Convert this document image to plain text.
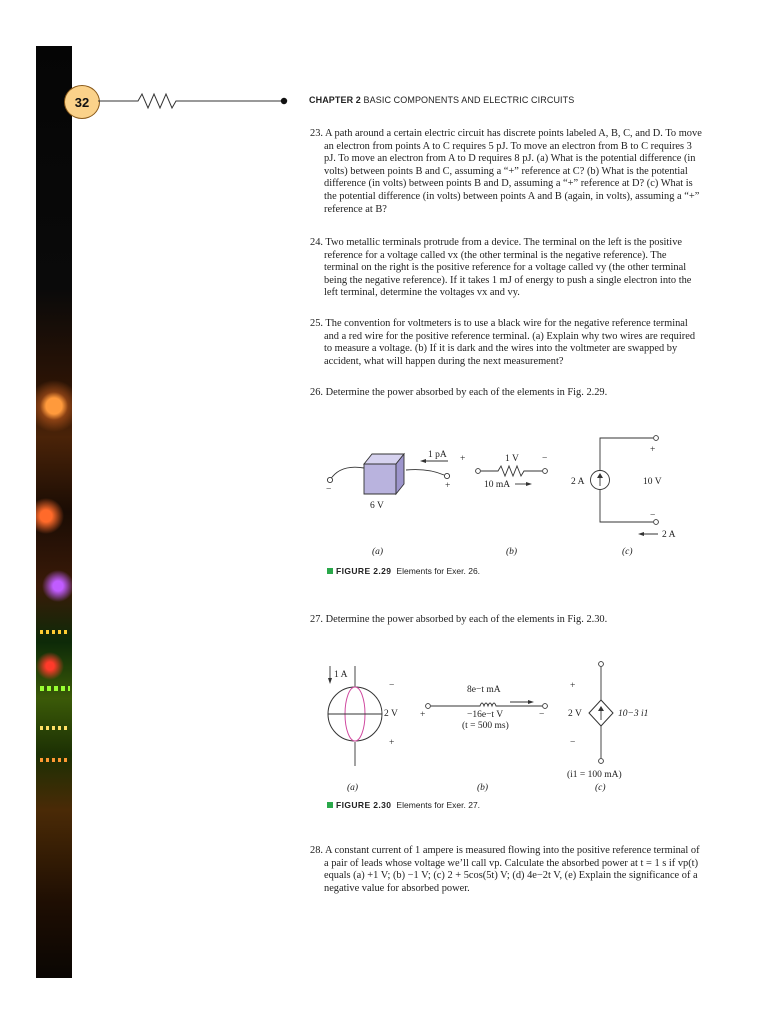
32	CHAPTER 2 BASIC COMPONENTS AND ELECTRIC CIRCUITS

23. A path around a certain electric circuit has discrete points labeled A, B, C, and D. To move an electron from points A to C requires 5 pJ. To move an electron from B to C requires 3 pJ. To move an electron from A to D requires 8 pJ. (a) What is the potential difference (in volts) between points B and C, assuming a “+” reference at C? (b) What is the potential difference (in volts) between points B and D, assuming a “+” reference at D? (c) What is the potential difference (in volts) between points A and B (again, in volts), assuming a “+” reference at B?

24. Two metallic terminals protrude from a device. The terminal on the left is the positive reference for a voltage called vx (the other terminal is the negative reference). The terminal on the right is the positive reference for a voltage called vy (the other terminal being the negative reference). If it takes 1 mJ of energy to push a single electron into the left terminal, determine the voltages vx and vy.

25. The convention for voltmeters is to use a black wire for the negative reference terminal and a red wire for the positive reference terminal. (a) Explain why two wires are required to measure a voltage. (b) If it is dark and the wires into the voltmeter are swapped by accident, what will happen during the next measurement?

26. Determine the power absorbed by each of the elements in Fig. 2.29.

1 pA
−	+
6 V
(a)
+	1 V −
10 mA
(b)
2 A
+
10 V
−
2 A
(c)
FIGURE 2.29 Elements for Exer. 26.

27. Determine the power absorbed by each of the elements in Fig. 2.30.

1 A
−
2 V
+
(a)
8e−t mA
+	−16e−t V	−
(t = 500 ms)
(b)
+
2 V	10−3 i1
−
(i1 = 100 mA)
(c)
FIGURE 2.30 Elements for Exer. 27.

28. A constant current of 1 ampere is measured flowing into the positive reference terminal of a pair of leads whose voltage we’ll call vp. Calculate the absorbed power at t = 1 s if vp(t) equals (a) +1 V; (b) −1 V; (c) 2 + 5cos(5t) V; (d) 4e−2t V, (e) Explain the significance of a negative value for absorbed power.
